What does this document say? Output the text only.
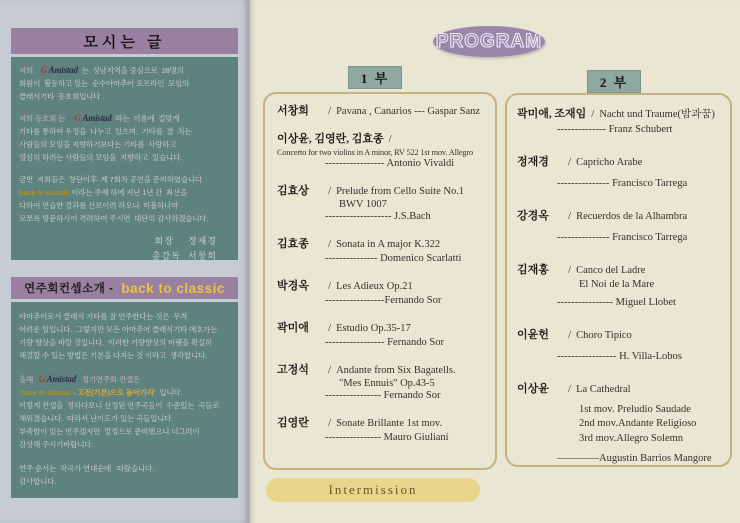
모시는 글
저희    G Amistad  는  성남지역을 중심으로  28명의
회원이  활동하고 있는  순수아마추어 오프라인  모임의
클래식기타  동호회입니다 .
저희 동호회 는     G Amistad  라는  이름에  걸맞게
기타를 통하여 우정을  나누고  있으며,  기타를  잘  치는
사람들의 모임을 지향하기보다는 기타를  사랑하고
열심히 하려는 사람들의 모임을  지향하고  있습니다.
금번  저희들은  창단이후  제 7회차 공연을 준비하였습니다
back to classic 이라는 주제 하에 지난 1년 간  최선을
다하여 연습한 결과를 선보이려 하오니  미흡하나마
모쪼록 방문하시어 격려하여 주시면  대단히 감사하겠습니다.
회장    정재경
총감독  서창희
연주회컨셉소개 - back to classic
아마추어로서 클래식 기타를 잘 연주한다는 것은  무척
어려운 일입니다.  그렇지만 모든 아마추어 클래식기타 애호가는
기량 향상을 바랄 것입니다.  이러한 기량향상의 바램을 확실히
해결할 수 있는 방법은 기본을 다지는 것 이라고  생각합니다.
올해   G Amistad   정기연주회 컨셉은
'back to classic - 고전(기본)으로 돌아가자'  입니다.
이렇게 컨셉을  정하다보니 선정된 연주곡들이  수준있는  곡들로
채워졌습니다.  따라서 난이도가 있는 곡들입니다.
부족함이 있는 연주겠지만  열정으로 준비했으니 너그러이
감상해 주시기바랍니다.
연주 순서는  작곡가 연대순에   따랐습니다.
감사합니다.
PROGRAM
1 부
서창희	/ Pavana , Canarios --- Gaspar Sanz
이상윤, 김영란, 김효종 /
Concerto for two violins in A minor, RV 522 1st mov. Allegro
----------------- Antonio Vivaldi
김효상	/ Prelude from Cello Suite No.1
BWV 1007
------------------- J.S.Bach
김효종	/ Sonata in A major K.322
--------------- Domenico Scarlatti
박경옥	/ Les Adieux Op.21
-----------------Fernando Sor
곽미애	/ Estudio Op.35-17
----------------- Fernando Sor
고정석	/ Andante from Six Bagatells.
"Mes Ennuis" Op.43-5
---------------- Fernando Sor
김영란	/ Sonate Brillante 1st mov.
---------------- Mauro Giuliani
Intermission
2 부
곽미애, 조재임 / Nacht und Traume(밤과꿈)
-------------- Franz Schubert
정재경	/ Capricho Arabe
--------------- Francisco Tarrega
강경옥	/ Recuerdos de la Alhambra
--------------- Francisco Tarrega
김재홍	/ Canco del Ladre
El Noi de la Mare
---------------- Miguel Llobet
이윤헌	/ Choro Tipico
----------------- H. Villa-Lobos
이상윤	/ La Cathedral
1st mov. Preludio Saudade
2nd mov.Andante Religioso
3rd mov.Allegro Solemn
————Augustin Barrios Mangore
